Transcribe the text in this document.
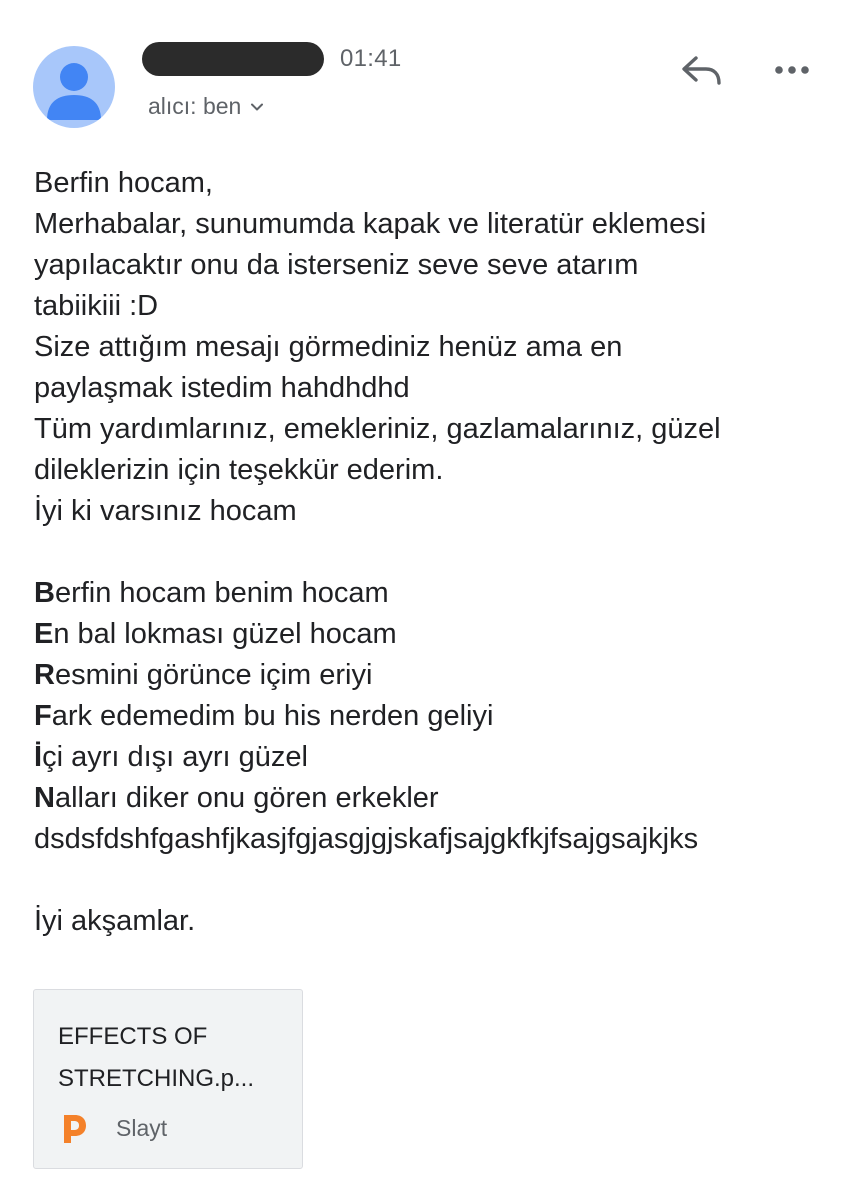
01:41
alıcı: ben
Berfin hocam,
Merhabalar, sunumumda kapak ve literatür eklemesi
yapılacaktır onu da isterseniz seve seve atarım
tabiikiii :D
Size attığım mesajı görmediniz henüz ama en
paylaşmak istedim hahdhdhd
Tüm yardımlarınız, emekleriniz, gazlamalarınız, güzel
dileklerizin için teşekkür ederim.
İyi ki varsınız hocam
Berfin hocam benim hocam
En bal lokması güzel hocam
Resmini görünce içim eriyi
Fark edemedim bu his nerden geliyi
İçi ayrı dışı ayrı güzel
Nalları diker onu gören erkekler
dsdsfdshfgashfjkasjfgjasgjgjskafjsajgkfkjfsajgsajkjks
İyi akşamlar.
EFFECTS OF
STRETCHING.p...
Slayt
